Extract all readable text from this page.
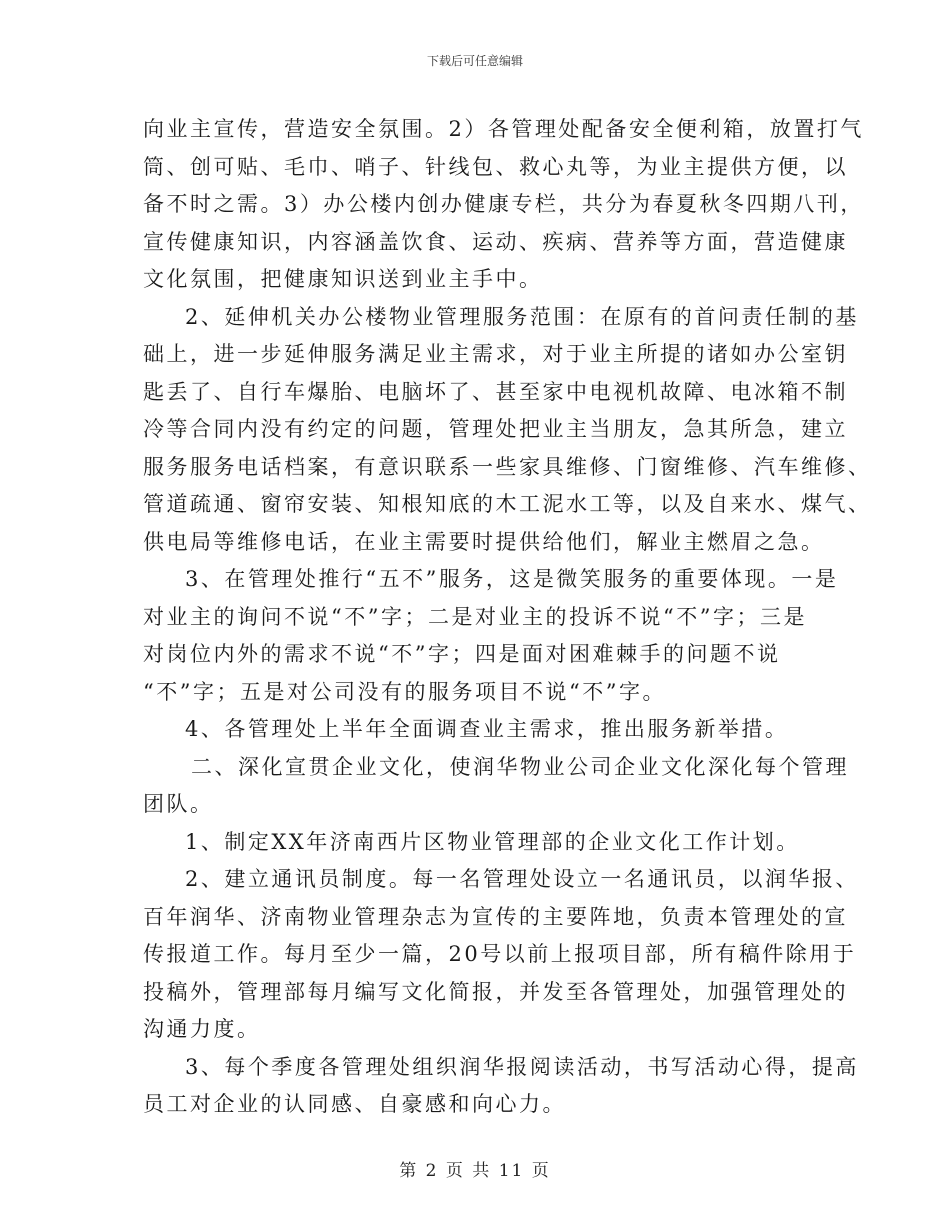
下载后可任意编辑
向业主宣传，营造安全氛围。2）各管理处配备安全便利箱，放置打气
筒、创可贴、毛巾、哨子、针线包、救心丸等，为业主提供方便，以
备不时之需。3）办公楼内创办健康专栏，共分为春夏秋冬四期八刊，
宣传健康知识，内容涵盖饮食、运动、疾病、营养等方面，营造健康
文化氛围，把健康知识送到业主手中。
2、延伸机关办公楼物业管理服务范围：在原有的首问责任制的基
础上，进一步延伸服务满足业主需求，对于业主所提的诸如办公室钥
匙丢了、自行车爆胎、电脑坏了、甚至家中电视机故障、电冰箱不制
冷等合同内没有约定的问题，管理处把业主当朋友，急其所急，建立
服务服务电话档案，有意识联系一些家具维修、门窗维修、汽车维修、
管道疏通、窗帘安装、知根知底的木工泥水工等，以及自来水、煤气、
供电局等维修电话，在业主需要时提供给他们，解业主燃眉之急。
3、在管理处推行“五不”服务，这是微笑服务的重要体现。一是
对业主的询问不说“不”字；二是对业主的投诉不说“不”字；三是
对岗位内外的需求不说“不”字；四是面对困难棘手的问题不说
“不”字；五是对公司没有的服务项目不说“不”字。
4、各管理处上半年全面调查业主需求，推出服务新举措。
二、深化宣贯企业文化，使润华物业公司企业文化深化每个管理
团队。
1、制定XX年济南西片区物业管理部的企业文化工作计划。
2、建立通讯员制度。每一名管理处设立一名通讯员，以润华报、
百年润华、济南物业管理杂志为宣传的主要阵地，负责本管理处的宣
传报道工作。每月至少一篇，20号以前上报项目部，所有稿件除用于
投稿外，管理部每月编写文化简报，并发至各管理处，加强管理处的
沟通力度。
3、每个季度各管理处组织润华报阅读活动，书写活动心得，提高
员工对企业的认同感、自豪感和向心力。
第 2 页 共 11 页
